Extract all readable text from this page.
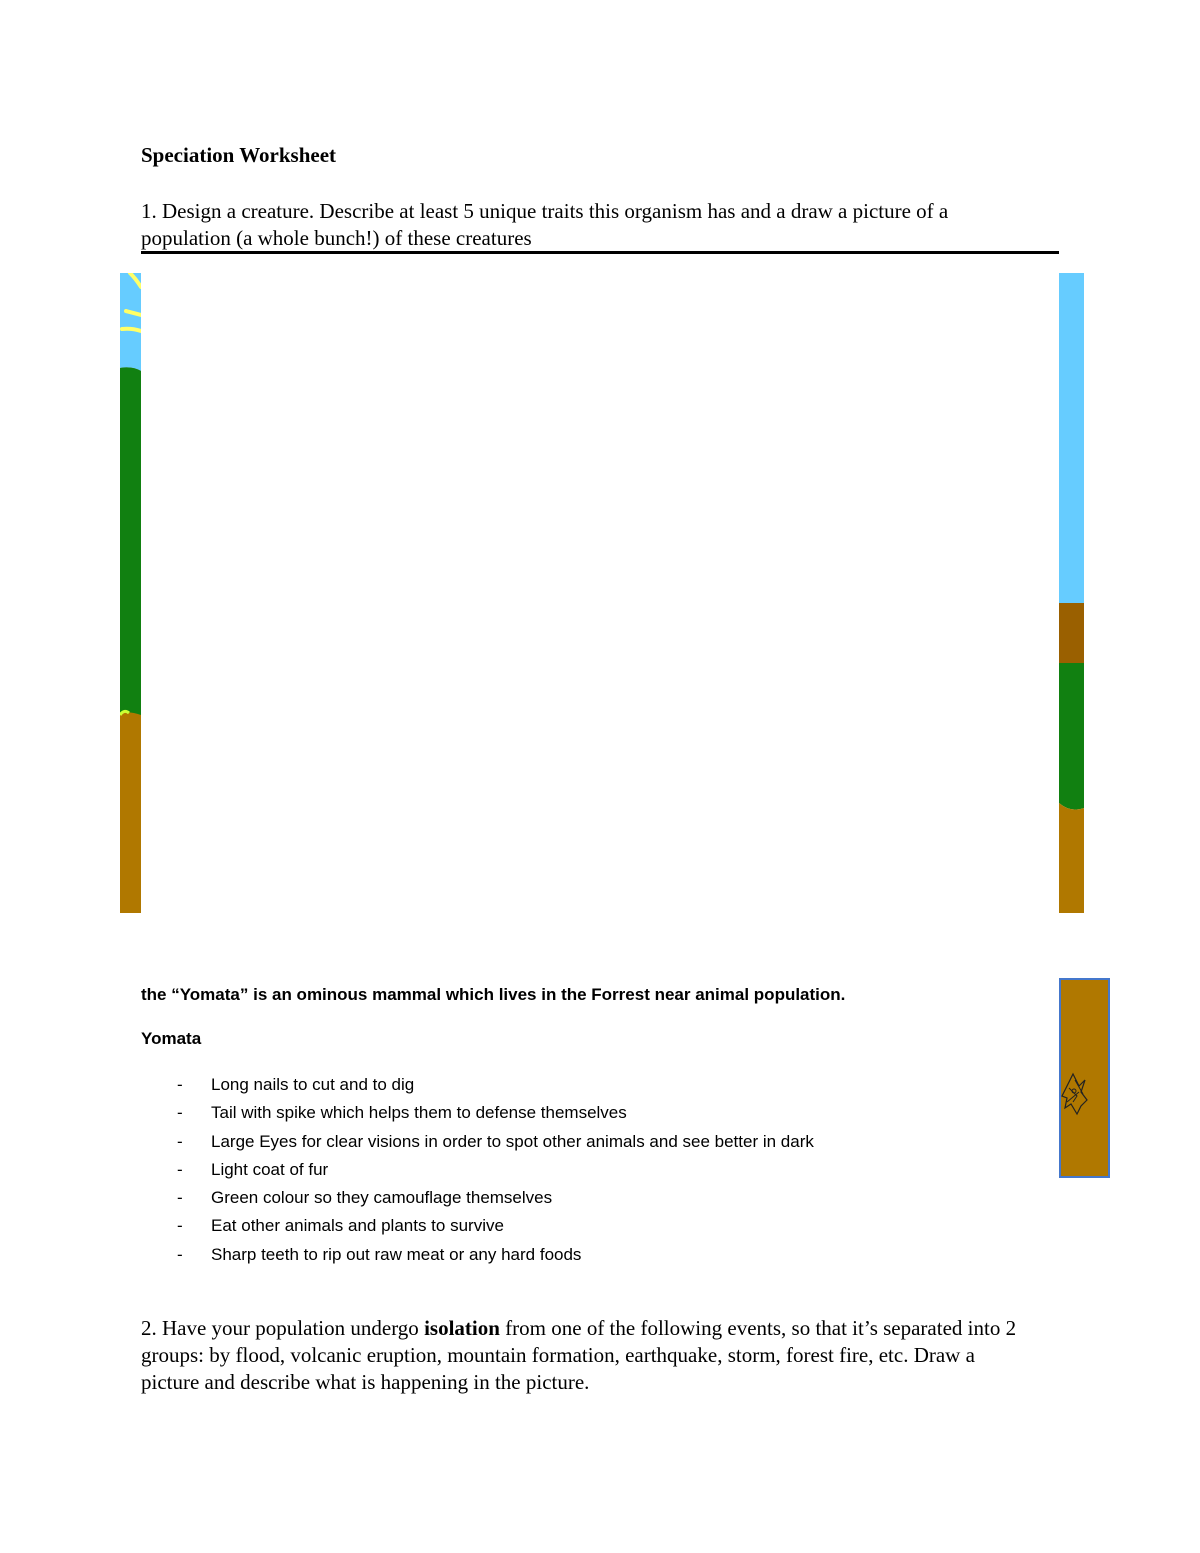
Speciation Worksheet
1. Design a creature. Describe at least 5 unique traits this organism has and a draw a picture of a population (a whole bunch!) of these creatures
the “Yomata” is an ominous mammal which lives in the Forrest near animal population.
Yomata
- Long nails to cut and to dig
- Tail with spike which helps them to defense themselves
- Large Eyes for clear visions in order to spot other animals and see better in dark
- Light coat of fur
- Green colour so they camouflage themselves
- Eat other animals and plants to survive
- Sharp teeth to rip out raw meat or any hard foods
2. Have your population undergo isolation from one of the following events, so that it’s separated into 2 groups: by flood, volcanic eruption, mountain formation, earthquake, storm, forest fire, etc. Draw a picture and describe what is happening in the picture.
